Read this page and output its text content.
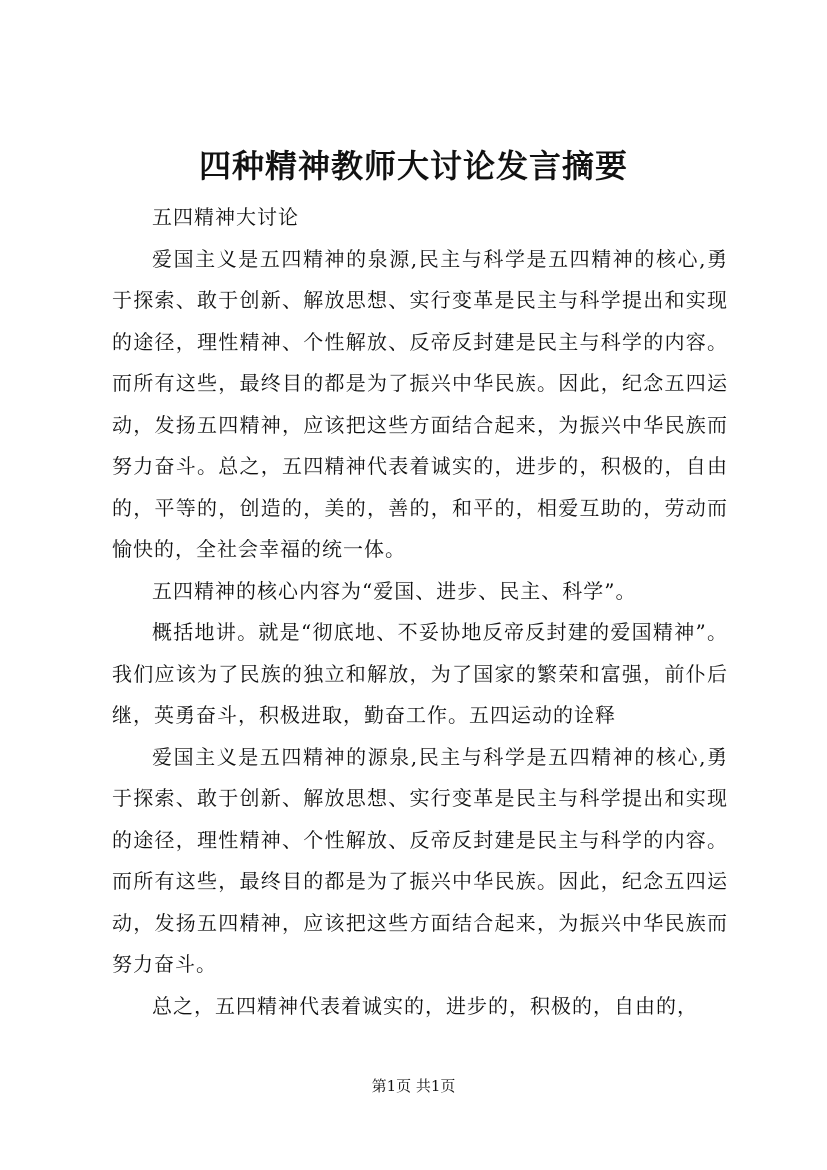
四种精神教师大讨论发言摘要

五四精神大讨论

爱国主义是五四精神的泉源,民主与科学是五四精神的核心,勇于探索、敢于创新、解放思想、实行变革是民主与科学提出和实现的途径，理性精神、个性解放、反帝反封建是民主与科学的内容。而所有这些，最终目的都是为了振兴中华民族。因此，纪念五四运动，发扬五四精神，应该把这些方面结合起来，为振兴中华民族而努力奋斗。总之，五四精神代表着诚实的，进步的，积极的，自由的，平等的，创造的，美的，善的，和平的，相爱互助的，劳动而愉快的，全社会幸福的统一体。

五四精神的核心内容为“爱国、进步、民主、科学”。

概括地讲。就是“彻底地、不妥协地反帝反封建的爱国精神”。我们应该为了民族的独立和解放，为了国家的繁荣和富强，前仆后继，英勇奋斗，积极进取，勤奋工作。五四运动的诠释

爱国主义是五四精神的源泉,民主与科学是五四精神的核心,勇于探索、敢于创新、解放思想、实行变革是民主与科学提出和实现的途径，理性精神、个性解放、反帝反封建是民主与科学的内容。而所有这些，最终目的都是为了振兴中华民族。因此，纪念五四运动，发扬五四精神，应该把这些方面结合起来，为振兴中华民族而努力奋斗。

总之，五四精神代表着诚实的，进步的，积极的，自由的，

第1页 共1页
